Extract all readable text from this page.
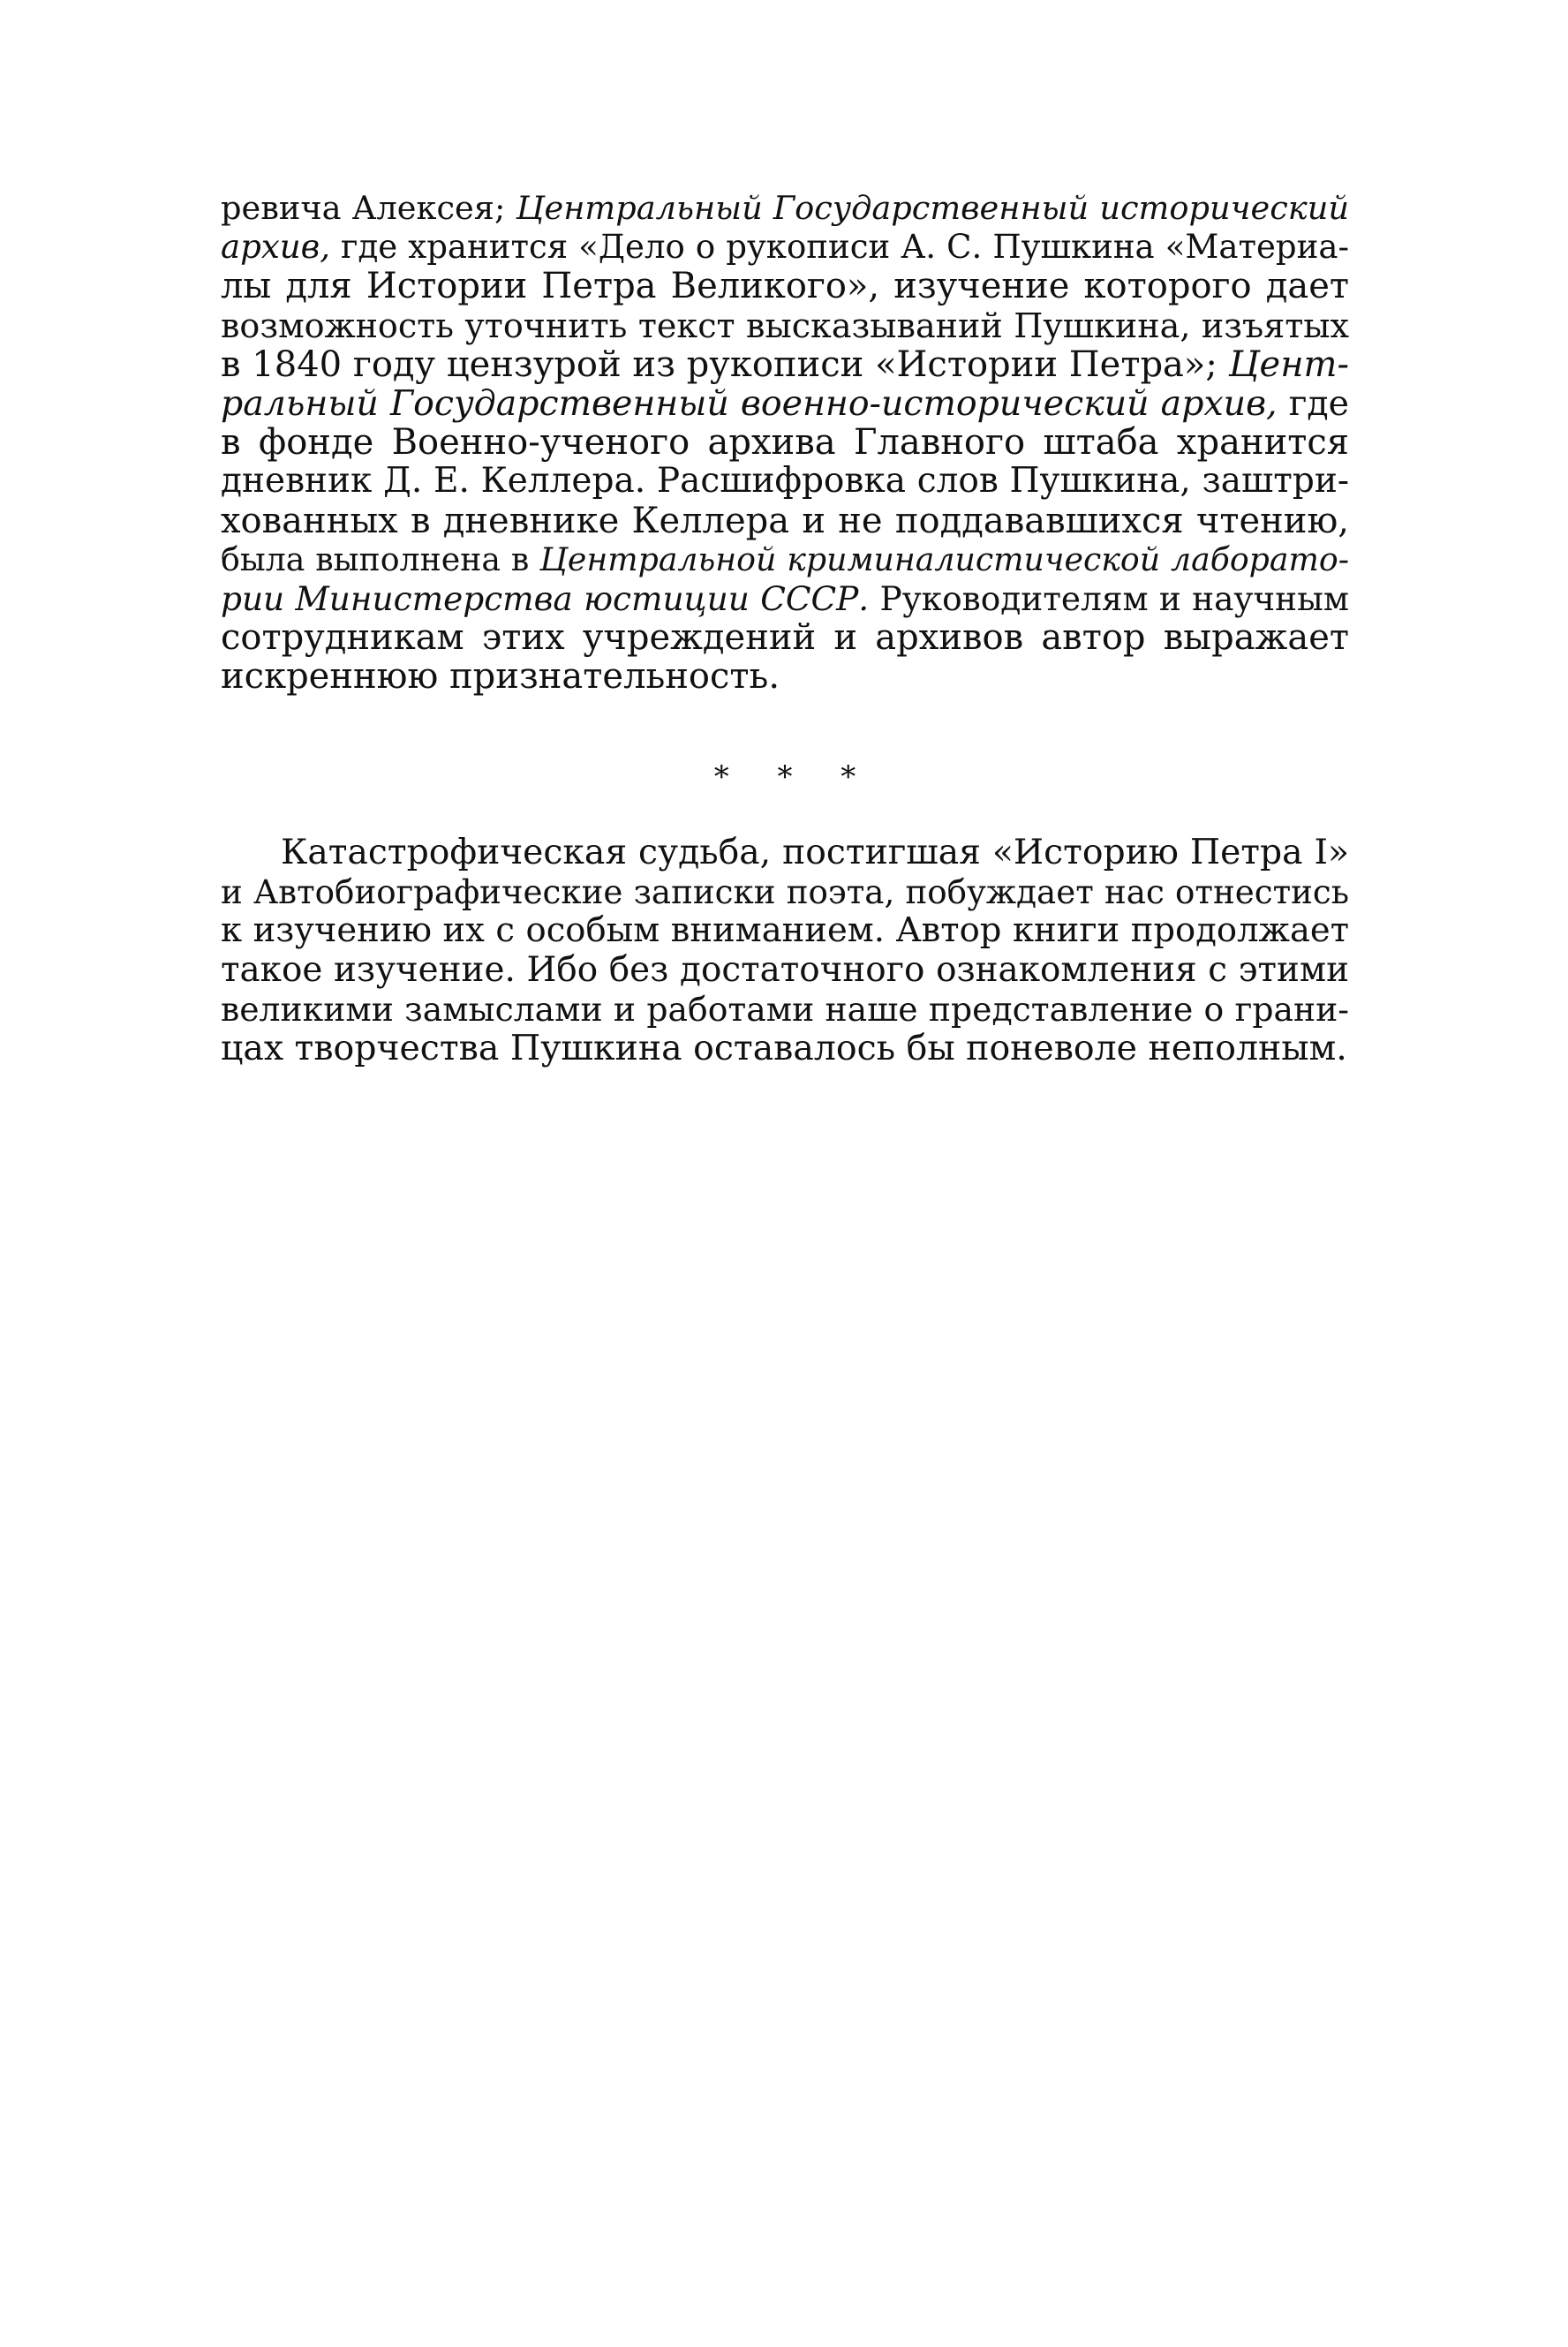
ревича Алексея; Центральный Государственный исторический
архив, где хранится «Дело о рукописи А. С. Пушкина «Материа-
лы для Истории Петра Великого», изучение которого дает
возможность уточнить текст высказываний Пушкина, изъятых
в 1840 году цензурой из рукописи «Истории Петра»; Цент-
ральный Государственный военно-исторический архив, где
в фонде Военно-ученого архива Главного штаба хранится
дневник Д. Е. Келлера. Расшифровка слов Пушкина, заштри-
хованных в дневнике Келлера и не поддававшихся чтению,
была выполнена в Центральной криминалистической лаборато-
рии Министерства юстиции СССР. Руководителям и научным
сотрудникам этих учреждений и архивов автор выражает
искреннюю признательность.
* * *
Катастрофическая судьба, постигшая «Историю Петра I»
и Автобиографические записки поэта, побуждает нас отнестись
к изучению их с особым вниманием. Автор книги продолжает
такое изучение. Ибо без достаточного ознакомления с этими
великими замыслами и работами наше представление о грани-
цах творчества Пушкина оставалось бы поневоле неполным.
